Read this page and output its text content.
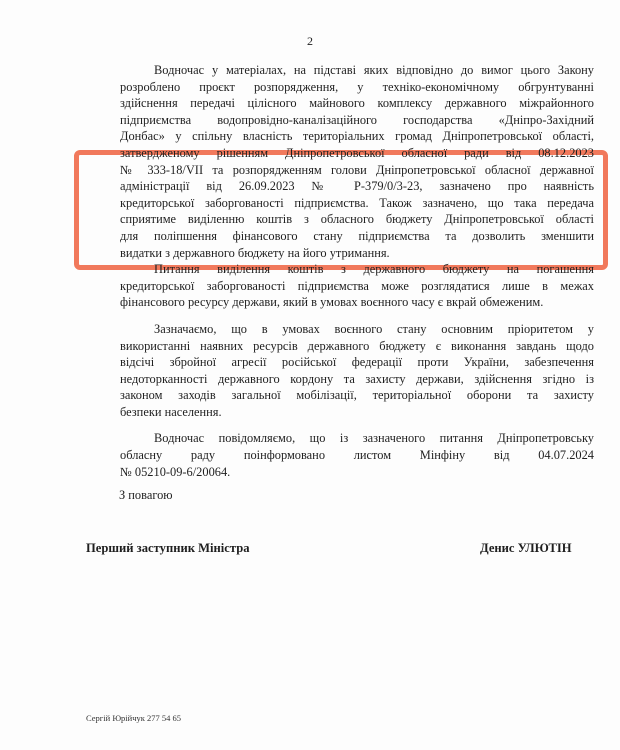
2
Водночас у матеріалах, на підставі яких відповідно до вимог цього Закону
розроблено проєкт розпорядження, у техніко-економічному обгрунтуванні
здійснення передачі цілісного майнового комплексу державного міжрайонного
підприємства водопровідно-каналізаційного господарства «Дніпро-Західний
Донбас» у спільну власність територіальних громад Дніпропетровської області,
затвердженому рішенням Дніпропетровської обласної ради від 08.12.2023
№ 333-18/VII та розпорядженням голови Дніпропетровської обласної державної
адміністрації від 26.09.2023 № Р-379/0/3-23, зазначено про наявність
кредиторської заборгованості підприємства. Також зазначено, що така передача
сприятиме виділенню коштів з обласного бюджету Дніпропетровської області
для поліпшення фінансового стану підприємства та дозволить зменшити
видатки з державного бюджету на його утримання.
Питання виділення коштів з державного бюджету на погашення
кредиторської заборгованості підприємства може розглядатися лише в межах
фінансового ресурсу держави, який в умовах воєнного часу є вкрай обмеженим.
Зазначаємо, що в умовах воєнного стану основним пріоритетом у
використанні наявних ресурсів державного бюджету є виконання завдань щодо
відсічі збройної агресії російської федерації проти України, забезпечення
недоторканності державного кордону та захисту держави, здійснення згідно із
законом заходів загальної мобілізації, територіальної оборони та захисту
безпеки населення.
Водночас повідомляємо, що із зазначеного питання Дніпропетровську
обласну раду поінформовано листом Мінфіну від 04.07.2024
№ 05210-09-6/20064.
З повагою
Перший заступник Міністра	Денис УЛЮТІН
Сергій Юрійчук 277 54 65
